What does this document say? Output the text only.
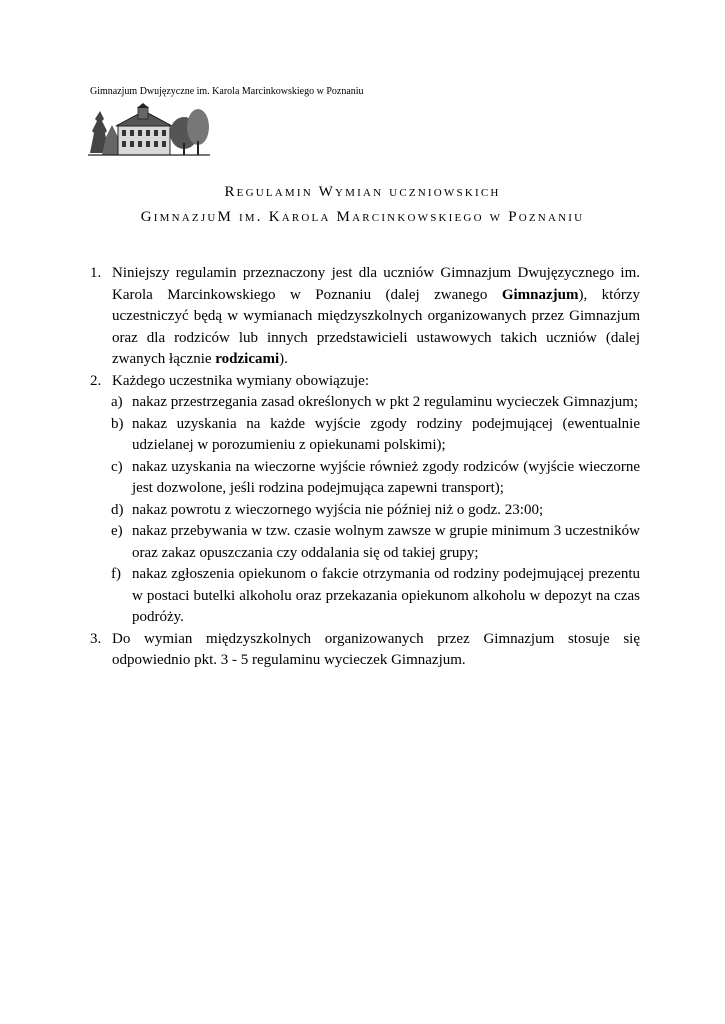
Gimnazjum Dwujęzyczne im. Karola Marcinkowskiego w Poznaniu
Regulamin Wymian uczniowskich
GimnazjuM im. Karola Marcinkowskiego w Poznaniu
1. Niniejszy regulamin przeznaczony jest dla uczniów Gimnazjum Dwujęzycznego im. Karola Marcinkowskiego w Poznaniu (dalej zwanego Gimnazjum), którzy uczestniczyć będą w wymianach międzyszkolnych organizowanych przez Gimnazjum oraz dla rodziców lub innych przedstawicieli ustawowych takich uczniów (dalej zwanych łącznie rodzicami).
2. Każdego uczestnika wymiany obowiązuje:
a) nakaz przestrzegania zasad określonych w pkt 2 regulaminu wycieczek Gimnazjum;
b) nakaz uzyskania na każde wyjście zgody rodziny podejmującej (ewentualnie udzielanej w porozumieniu z opiekunami polskimi);
c) nakaz uzyskania na wieczorne wyjście również zgody rodziców (wyjście wieczorne jest dozwolone, jeśli rodzina podejmująca zapewni transport);
d) nakaz powrotu z wieczornego wyjścia nie później niż o godz. 23:00;
e) nakaz przebywania w tzw. czasie wolnym zawsze w grupie minimum 3 uczestników oraz zakaz opuszczania czy oddalania się od takiej grupy;
f) nakaz zgłoszenia opiekunom o fakcie otrzymania od rodziny podejmującej prezentu w postaci butelki alkoholu oraz przekazania opiekunom alkoholu w depozyt na czas podróży.
3. Do wymian międzyszkolnych organizowanych przez Gimnazjum stosuje się odpowiednio pkt. 3 - 5 regulaminu wycieczek Gimnazjum.
